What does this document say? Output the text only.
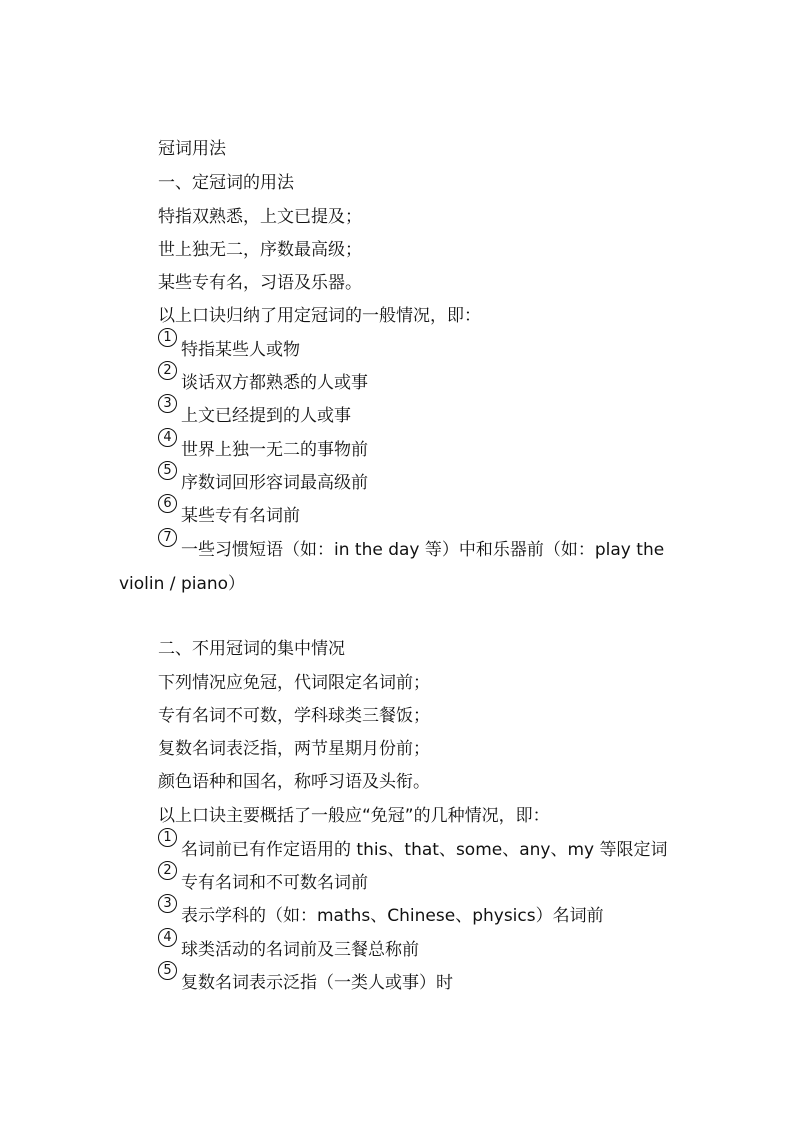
冠词用法
一、定冠词的用法
特指双熟悉，上文已提及；
世上独无二，序数最高级；
某些专有名，习语及乐器。
以上口诀归纳了用定冠词的一般情况，即：
1
特指某些人或物
2
谈话双方都熟悉的人或事
3
上文已经提到的人或事
4
世界上独一无二的事物前
5
序数词回形容词最高级前
6
某些专有名词前
7
一些习惯短语（如：in the day 等）中和乐器前（如：play the
violin / piano）
二、不用冠词的集中情况
下列情况应免冠，代词限定名词前；
专有名词不可数，学科球类三餐饭；
复数名词表泛指，两节星期月份前；
颜色语种和国名，称呼习语及头衔。
以上口诀主要概括了一般应“免冠”的几种情况，即：
1
名词前已有作定语用的 this、that、some、any、my 等限定词
2
专有名词和不可数名词前
3
表示学科的（如：maths、Chinese、physics）名词前
4
球类活动的名词前及三餐总称前
5
复数名词表示泛指（一类人或事）时
